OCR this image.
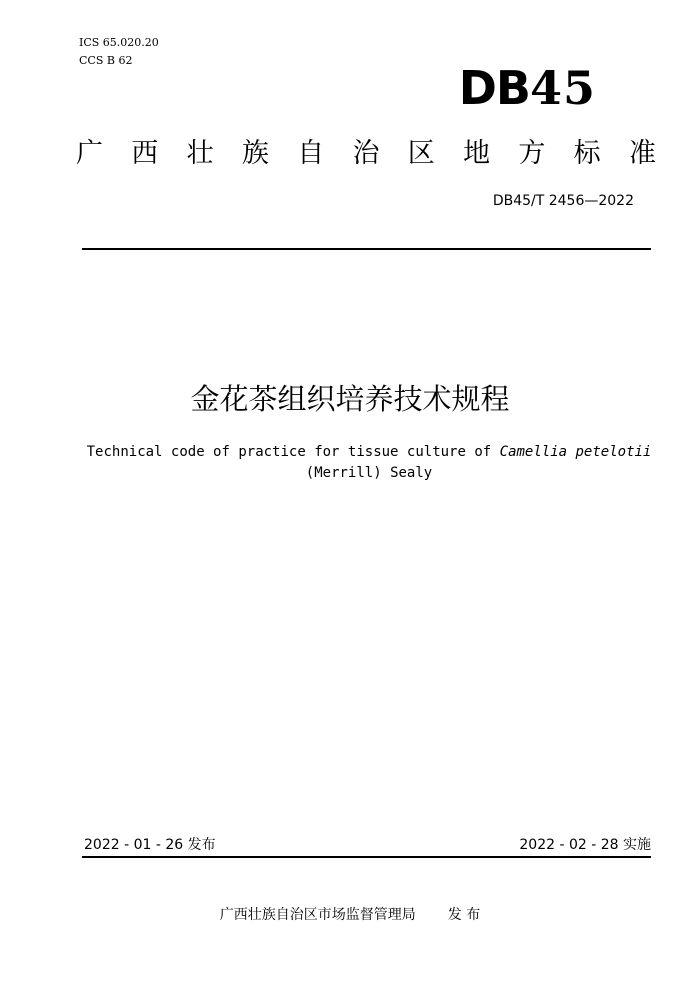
ICS 65.020.20
CCS B 62
DB45
广 西 壮 族 自 治 区 地 方 标 准
DB45/T 2456—2022
金花茶组织培养技术规程
Technical code of practice for tissue culture of Camellia petelotii
(Merrill) Sealy
2022 - 01 - 26 发布	2022 - 02 - 28 实施
广西壮族自治区市场监督管理局 发 布
